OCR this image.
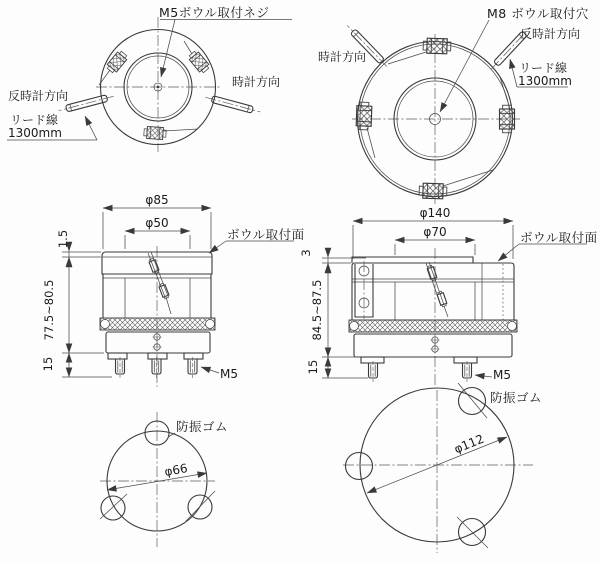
M5ボウル取付ネジ
反時計方向
時計方向
リード線
1300mm
M8 ボウル取付穴
時計方向
反時計方向
リード線
1300mm
φ85
φ50
1.5
77.5~80.5
15
ボウル取付面
M5
φ140
φ70
3
84.5~87.5
15
ボウル取付面
M5
φ66
防振ゴム
φ112
防振ゴム
